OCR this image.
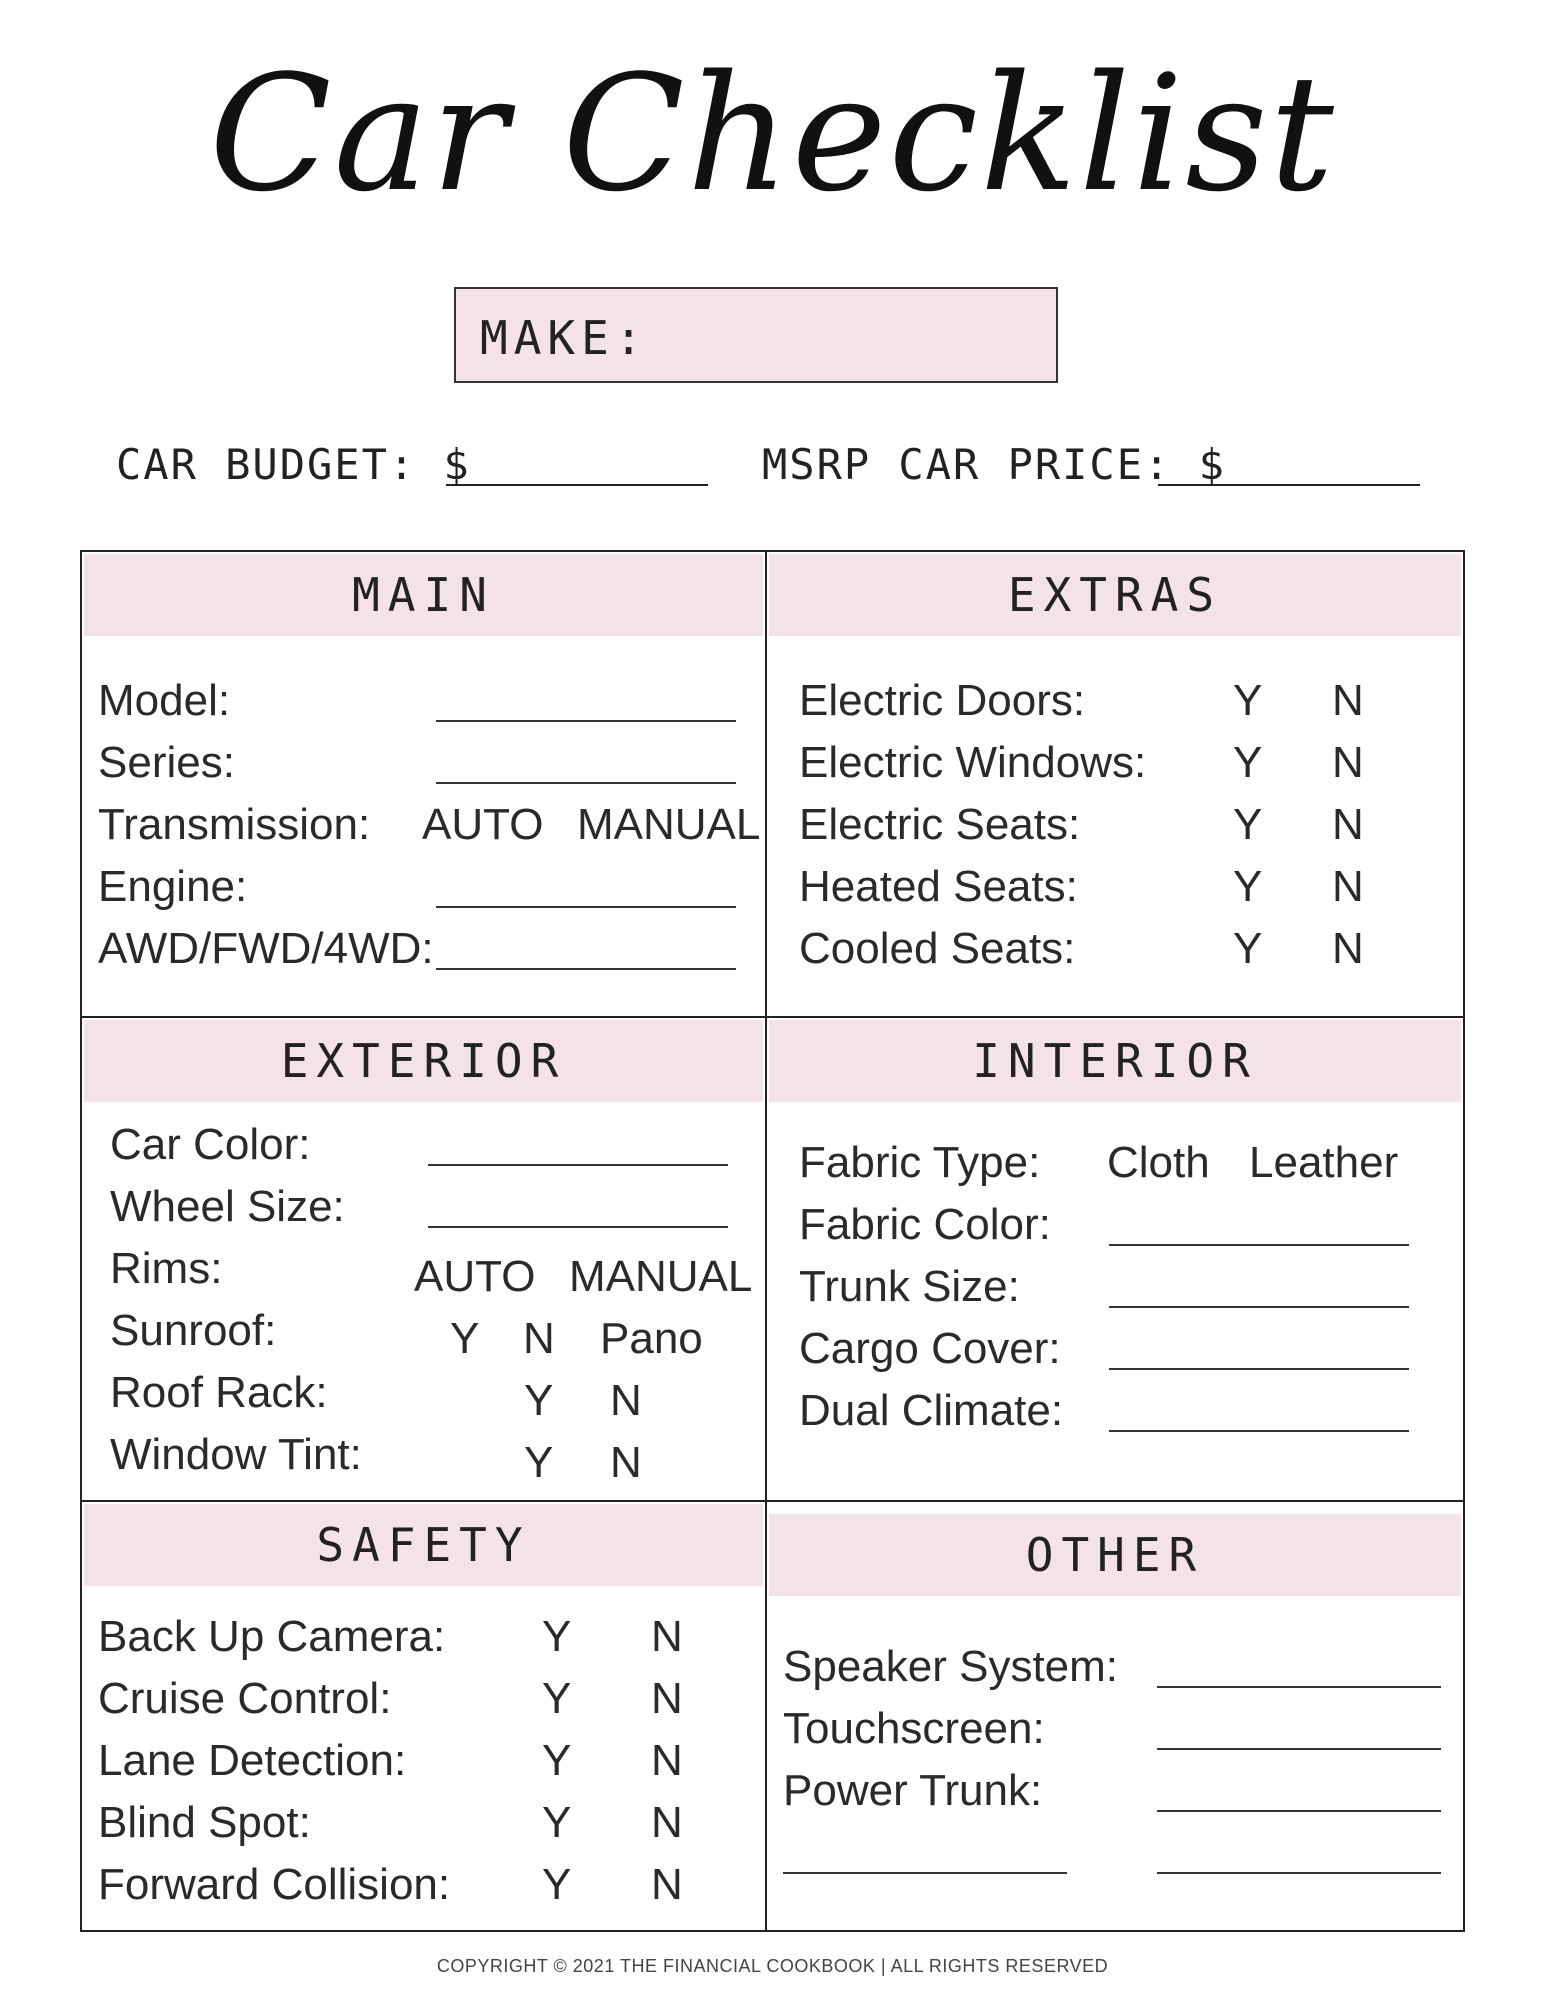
Car Checklist
MAKE:
CAR BUDGET: $	MSRP CAR PRICE: $
MAIN
Model:
Series:
Transmission: AUTO MANUAL
Engine:
AWD/FWD/4WD:
EXTRAS
Electric Doors:	Y N
Electric Windows: Y N
Electric Seats:	Y N
Heated Seats:	Y N
Cooled Seats:	Y N
EXTERIOR
Car Color:
Wheel Size:
Rims:	AUTO MANUAL
Sunroof:	Y N Pano
Roof Rack:	Y N
Window Tint:	Y N
INTERIOR
Fabric Type: Cloth Leather
Fabric Color:
Trunk Size:
Cargo Cover:
Dual Climate:
SAFETY
Back Up Camera: Y N
Cruise Control:	Y N
Lane Detection:	Y N
Blind Spot:	Y N
Forward Collision: Y N
OTHER
Speaker System:
Touchscreen:
Power Trunk:
COPYRIGHT © 2021 THE FINANCIAL COOKBOOK | ALL RIGHTS RESERVED
